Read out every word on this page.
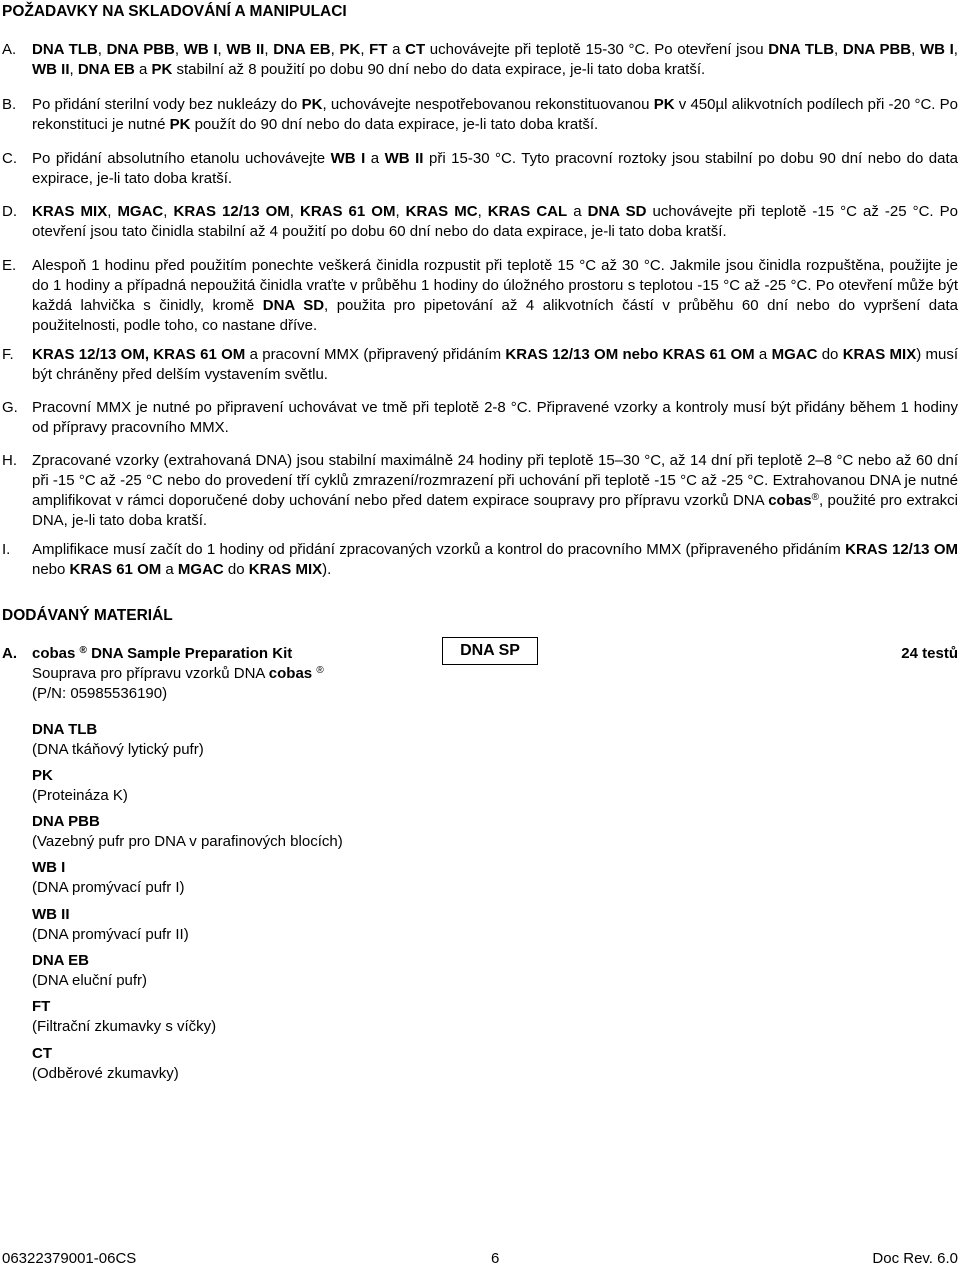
POŽADAVKY NA SKLADOVÁNÍ A MANIPULACI
A. DNA TLB, DNA PBB, WB I, WB II, DNA EB, PK, FT a CT uchovávejte při teplotě 15-30 °C. Po otevření jsou DNA TLB, DNA PBB, WB I, WB II, DNA EB a PK stabilní až 8 použití po dobu 90 dní nebo do data expirace, je-li tato doba kratší.
B. Po přidání sterilní vody bez nukleázy do PK, uchovávejte nespotřebovanou rekonstituovanou PK v 450µl alikvotních podílech při -20 °C. Po rekonstituci je nutné PK použít do 90 dní nebo do data expirace, je-li tato doba kratší.
C. Po přidání absolutního etanolu uchovávejte WB I a WB II při 15-30 °C. Tyto pracovní roztoky jsou stabilní po dobu 90 dní nebo do data expirace, je-li tato doba kratší.
D. KRAS MIX, MGAC, KRAS 12/13 OM, KRAS 61 OM, KRAS MC, KRAS CAL a DNA SD uchovávejte při teplotě -15 °C až -25 °C. Po otevření jsou tato činidla stabilní až 4 použití po dobu 60 dní nebo do data expirace, je-li tato doba kratší.
E. Alespoň 1 hodinu před použitím ponechte veškerá činidla rozpustit při teplotě 15 °C až 30 °C. Jakmile jsou činidla rozpuštěna, použijte je do 1 hodiny a případná nepoužitá činidla vraťte v průběhu 1 hodiny do úložného prostoru s teplotou -15 °C až -25 °C. Po otevření může být každá lahvička s činidly, kromě DNA SD, použita pro pipetování až 4 alikvotních částí v průběhu 60 dní nebo do vypršení data použitelnosti, podle toho, co nastane dříve.
F. KRAS 12/13 OM, KRAS 61 OM a pracovní MMX (připravený přidáním KRAS 12/13 OM nebo KRAS 61 OM a MGAC do KRAS MIX) musí být chráněny před delším vystavením světlu.
G. Pracovní MMX je nutné po připravení uchovávat ve tmě při teplotě 2-8 °C. Připravené vzorky a kontroly musí být přidány během 1 hodiny od přípravy pracovního MMX.
H. Zpracované vzorky (extrahovaná DNA) jsou stabilní maximálně 24 hodiny při teplotě 15–30 °C, až 14 dní při teplotě 2–8 °C nebo až 60 dní při -15 °C až -25 °C nebo do provedení tří cyklů zmrazení/rozmrazení při uchování při teplotě -15 °C až -25 °C. Extrahovanou DNA je nutné amplifikovat v rámci doporučené doby uchování nebo před datem expirace soupravy pro přípravu vzorků DNA cobas®, použité pro extrakci DNA, je-li tato doba kratší.
I. Amplifikace musí začít do 1 hodiny od přidání zpracovaných vzorků a kontrol do pracovního MMX (připraveného přidáním KRAS 12/13 OM nebo KRAS 61 OM a MGAC do KRAS MIX).
DODÁVANÝ MATERIÁL
A. cobas ® DNA Sample Preparation Kit
Souprava pro přípravu vzorků DNA cobas ®
(P/N: 05985536190)
DNA SP	24 testů
DNA TLB
(DNA tkáňový lytický pufr)
PK
(Proteináza K)
DNA PBB
(Vazebný pufr pro DNA v parafinových blocích)
WB I
(DNA promývací pufr I)
WB II
(DNA promývací pufr II)
DNA EB
(DNA eluční pufr)
FT
(Filtrační zkumavky s víčky)
CT
(Odběrové zkumavky)
06322379001-06CS	6	Doc Rev. 6.0
